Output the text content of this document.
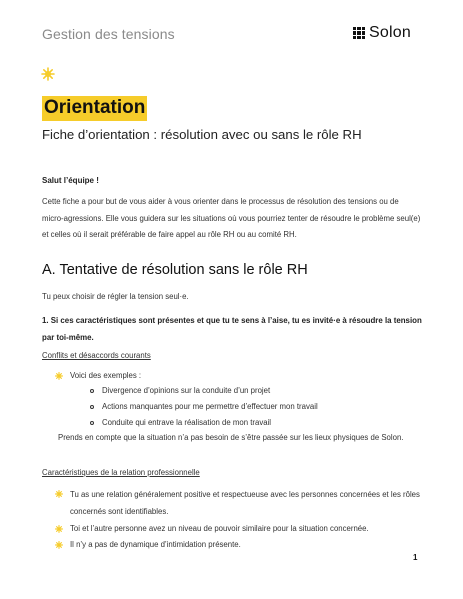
Gestion des tensions	Solon
Orientation
Fiche d’orientation : résolution avec ou sans le rôle RH
Salut l’équipe !
Cette fiche a pour but de vous aider à vous orienter dans le processus de résolution des tensions ou de micro-agressions. Elle vous guidera sur les situations où vous pourriez tenter de résoudre le problème seul(e) et celles où il serait préférable de faire appel au rôle RH ou au comité RH.
A. Tentative de résolution sans le rôle RH
Tu peux choisir de régler la tension seul·e.
1. Si ces caractéristiques sont présentes et que tu te sens à l’aise, tu es invité·e à résoudre la tension par toi-même.
Conflits et désaccords courants
Voici des exemples :
Divergence d’opinions sur la conduite d’un projet
Actions manquantes pour me permettre d’effectuer mon travail
Conduite qui entrave la réalisation de mon travail
Prends en compte que la situation n’a pas besoin de s’être passée sur les lieux physiques de Solon.
Caractéristiques de la relation professionnelle
Tu as une relation généralement positive et respectueuse avec les personnes concernées et les rôles concernés sont identifiables.
Toi et l’autre personne avez un niveau de pouvoir similaire pour la situation concernée.
Il n’y a pas de dynamique d’intimidation présente.
1
